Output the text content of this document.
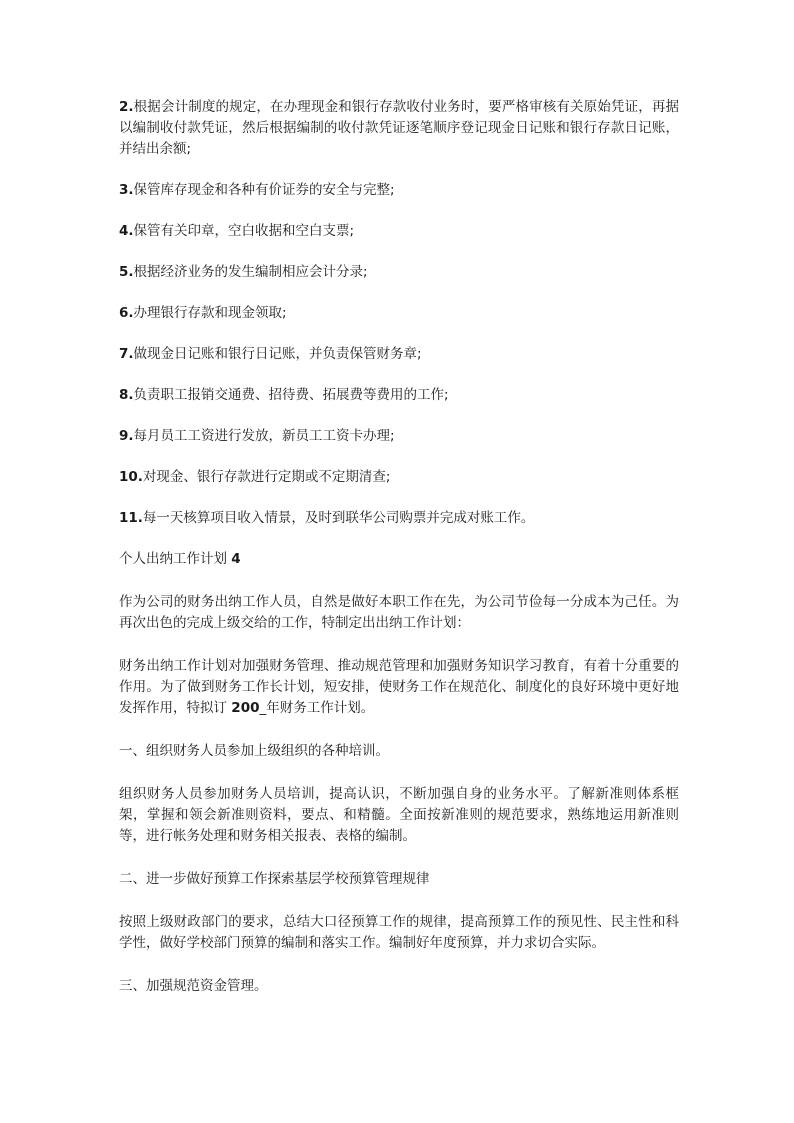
2.根据会计制度的规定，在办理现金和银行存款收付业务时，要严格审核有关原始凭证，再据以编制收付款凭证，然后根据编制的收付款凭证逐笔顺序登记现金日记账和银行存款日记账，并结出余额;

3.保管库存现金和各种有价证券的安全与完整;

4.保管有关印章，空白收据和空白支票;

5.根据经济业务的发生编制相应会计分录;

6.办理银行存款和现金领取;

7.做现金日记账和银行日记账，并负责保管财务章;

8.负责职工报销交通费、招待费、拓展费等费用的工作;

9.每月员工工资进行发放，新员工工资卡办理;

10.对现金、银行存款进行定期或不定期清查;

11.每一天核算项目收入情景，及时到联华公司购票并完成对账工作。

个人出纳工作计划 4

作为公司的财务出纳工作人员，自然是做好本职工作在先，为公司节俭每一分成本为己任。为再次出色的完成上级交给的工作，特制定出出纳工作计划：

财务出纳工作计划对加强财务管理、推动规范管理和加强财务知识学习教育，有着十分重要的作用。为了做到财务工作长计划，短安排，使财务工作在规范化、制度化的良好环境中更好地发挥作用，特拟订 200_年财务工作计划。

一、组织财务人员参加上级组织的各种培训。

组织财务人员参加财务人员培训，提高认识，不断加强自身的业务水平。了解新准则体系框架，掌握和领会新准则资料，要点、和精髓。全面按新准则的规范要求，熟练地运用新准则等，进行帐务处理和财务相关报表、表格的编制。

二、进一步做好预算工作探索基层学校预算管理规律

按照上级财政部门的要求，总结大口径预算工作的规律，提高预算工作的预见性、民主性和科学性，做好学校部门预算的编制和落实工作。编制好年度预算，并力求切合实际。

三、加强规范资金管理。
